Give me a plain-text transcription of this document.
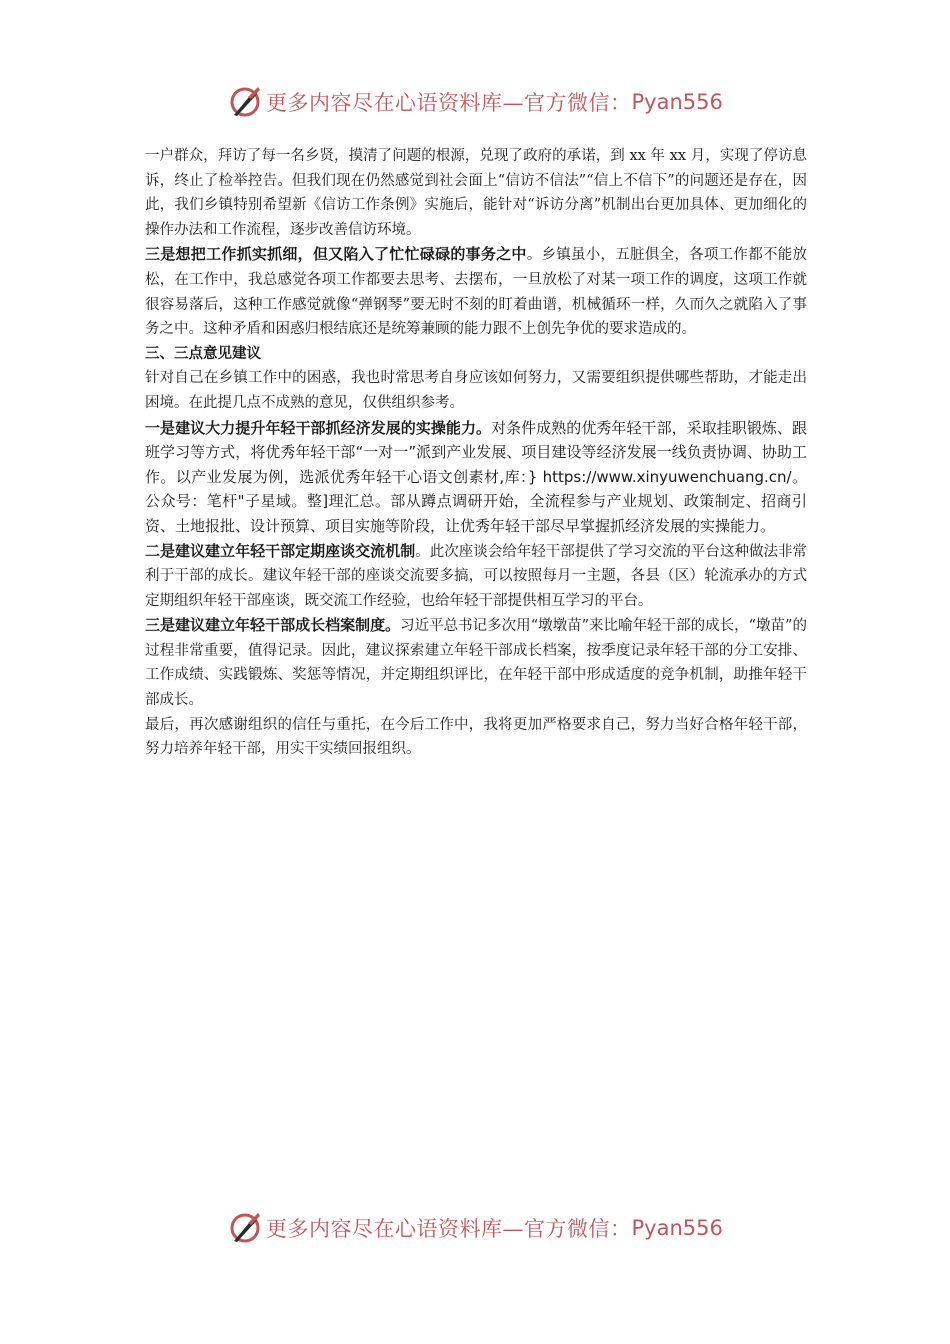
更多内容尽在心语资料库—官方微信： Pyan556

一户群众，拜访了每一名乡贤，摸清了问题的根源，兑现了政府的承诺，到 xx 年 xx 月，实现了停访息诉，终止了检举控告。但我们现在仍然感觉到社会面上“信访不信法”“信上不信下”的问题还是存在，因此，我们乡镇特别希望新《信访工作条例》实施后，能针对“诉访分离”机制出台更加具体、更加细化的操作办法和工作流程，逐步改善信访环境。

三是想把工作抓实抓细，但又陷入了忙忙碌碌的事务之中。乡镇虽小，五脏俱全，各项工作都不能放松，在工作中，我总感觉各项工作都要去思考、去摆布，一旦放松了对某一项工作的调度，这项工作就很容易落后，这种工作感觉就像“弹钢琴”要无时不刻的盯着曲谱，机械循环一样，久而久之就陷入了事务之中。这种矛盾和困惑归根结底还是统筹兼顾的能力跟不上创先争优的要求造成的。

三、三点意见建议

针对自己在乡镇工作中的困惑，我也时常思考自身应该如何努力，又需要组织提供哪些帮助，才能走出困境。在此提几点不成熟的意见，仅供组织参考。

一是建议大力提升年轻干部抓经济发展的实操能力。对条件成熟的优秀年轻干部，采取挂职锻炼、跟班学习等方式，将优秀年轻干部“一对一”派到产业发展、项目建设等经济发展一线负责协调、协助工作。以产业发展为例，选派优秀年轻干心语文创素材,库：} https://www.xinyuwenchuang.cn/。公众号：笔杆"子星域。整]理汇总。部从蹲点调研开始，全流程参与产业规划、政策制定、招商引资、土地报批、设计预算、项目实施等阶段，让优秀年轻干部尽早掌握抓经济发展的实操能力。

二是建议建立年轻干部定期座谈交流机制。此次座谈会给年轻干部提供了学习交流的平台这种做法非常利于干部的成长。建议年轻干部的座谈交流要多搞，可以按照每月一主题，各县（区）轮流承办的方式定期组织年轻干部座谈，既交流工作经验，也给年轻干部提供相互学习的平台。

三是建议建立年轻干部成长档案制度。习近平总书记多次用“墩墩苗”来比喻年轻干部的成长，“墩苗”的过程非常重要，值得记录。因此，建议探索建立年轻干部成长档案，按季度记录年轻干部的分工安排、工作成绩、实践锻炼、奖惩等情况，并定期组织评比，在年轻干部中形成适度的竞争机制，助推年轻干部成长。

最后，再次感谢组织的信任与重托，在今后工作中，我将更加严格要求自己，努力当好合格年轻干部，努力培养年轻干部，用实干实绩回报组织。

更多内容尽在心语资料库—官方微信： Pyan556
